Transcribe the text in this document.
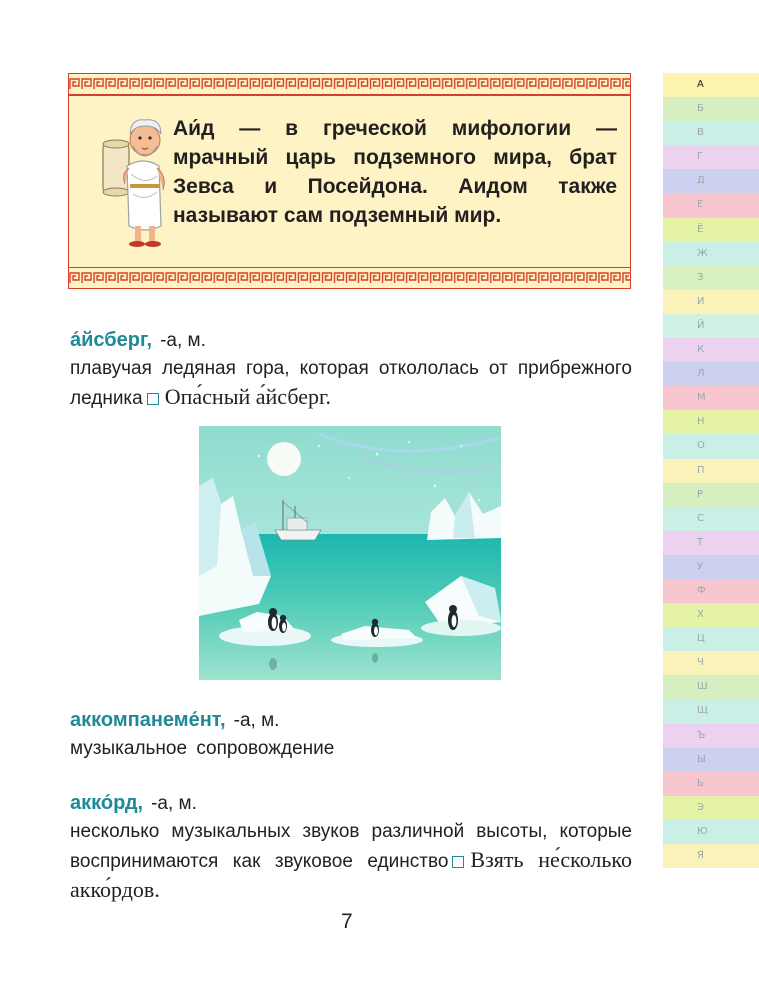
Аи́д — в греческой мифологии — мрачный царь подземного мира, брат Зевса и Посейдона. Аидом также называют сам подземный мир.
а́йсберг, -а, м.
плавучая ледяная гора, которая откололась от прибрежного ледника Опа́сный а́йсберг.
аккомпанеме́нт, -а, м.
музыкальное сопровождение
акко́рд, -а, м.
несколько музыкальных звуков различной высоты, которые воспринимаются как звуковое единство Взять не́сколько акко́рдов.
7
А
Б
В
Г
Д
Е
Ё
Ж
З
И
Й
К
Л
М
Н
О
П
Р
С
Т
У
Ф
Х
Ц
Ч
Ш
Щ
Ъ
Ы
Ь
Э
Ю
Я
